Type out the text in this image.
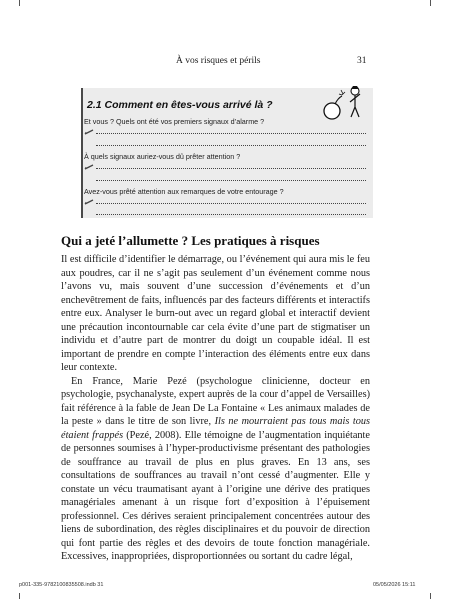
À vos risques et périls	31
2.1 Comment en êtes-vous arrivé là ?
Et vous ? Quels ont été vos premiers signaux d’alarme ?
À quels signaux auriez-vous dû prêter attention ?
Avez-vous prêté attention aux remarques de votre entourage ?
Qui a jeté l’allumette ? Les pratiques à risques

Il est difficile d’identifier le démarrage, ou l’événement qui aura mis le feu aux poudres, car il ne s’agit pas seulement d’un événement comme nous l’avons vu, mais souvent d’une succession d’événements et d’un enchevêtrement de faits, influencés par des facteurs différents et interactifs entre eux. Analyser le burn-out avec un regard global et interactif devient une précaution incontournable car cela évite d’une part de stigmatiser un individu et d’autre part de montrer du doigt un coupable idéal. Il est important de prendre en compte l’interaction des éléments entre eux dans leur contexte.

En France, Marie Pezé (psychologue clinicienne, docteur en psychologie, psychanalyste, expert auprès de la cour d’appel de Versailles) fait référence à la fable de Jean De La Fontaine « Les animaux malades de la peste » dans le titre de son livre, Ils ne mourraient pas tous mais tous étaient frappés (Pezé, 2008). Elle témoigne de l’augmentation inquiétante de personnes soumises à l’hyper-productivisme présentant des pathologies de souffrance au travail de plus en plus graves. En 13 ans, ses consultations de souffrances au travail n’ont cessé d’augmenter. Elle y constate un vécu traumatisant ayant à l’origine une dérive des pratiques managériales amenant à un risque fort d’exposition à l’épuisement professionnel. Ces dérives seraient principalement concentrées autour des liens de subordination, des règles disciplinaires et du pouvoir de direction qui font partie des règles et des devoirs de toute fonction managériale. Excessives, inappropriées, disproportionnées ou sortant du cadre légal,

p001-335-9782100835508.indb 31	05/05/2026 15:11
